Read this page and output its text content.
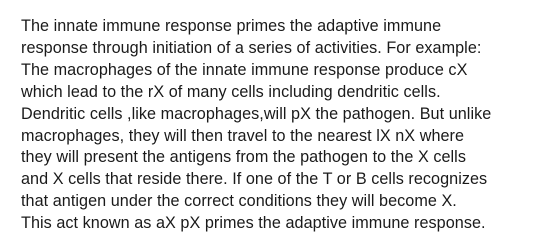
The innate immune response primes the adaptive immune
response through initiation of a series of activities. For example:
The macrophages of the innate immune response produce cX
which lead to the rX of many cells including dendritic cells.
Dendritic cells ,like macrophages,will pX the pathogen. But unlike
macrophages, they will then travel to the nearest lX nX where
they will present the antigens from the pathogen to the X cells
and X cells that reside there. If one of the T or B cells recognizes
that antigen under the correct conditions they will become X.
This act known as aX pX primes the adaptive immune response.
